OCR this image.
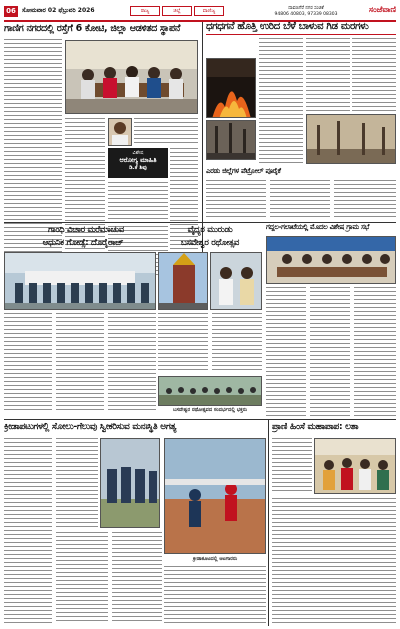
06	ಸೋಮವಾರ 02 ಫೆಬ್ರುವರಿ 2026	ರಾಜ್ಯ	ಜಿಲ್ಲೆ	ವಾಣಿಜ್ಯ	ದಾವಣಗೆರೆ ನಗರ ಸಂಚಿಕೆ
94806 40803, 97339 08303
ಸಂಜೆವಾಣಿ
ಗಾಣಿಗ ನಗರದಲ್ಲಿ ರಸ್ತೆಗೆ 6 ಕೋಟಿ, ಜಿಲ್ಲಾ ಆಡಳಿತದ ಸ್ಥಾಪನೆ
ವಿಶೇಷ
ಆರೋಗ್ಯ ಮಾಹಿತಿ
ಡಿ.ಕೆ ಶಿವು
ಧಗಧಗನೆ ಹೊತ್ತಿ ಉರಿದ ಬೆಳೆ ಬಾಳುವ ಗಿಡ ಮರಗಳು
ಎರಡು ಜಿಲ್ಲೆಗಳ ಪೆಟ್ರೋಲ್ ಪೂರೈಕೆ
ಗಾಂಧಿ ವಿಚಾರ ಮರೆಮಾಚುವ
ಆಧುನಿಕ ಗೋಡ್ಸೆ: ದೊರೈರಾಜ್
ವೈದ್ಯರ ಮುರುಡು
ಬಸವೇಶ್ವರ ರಥೋತ್ಸವ
ಬಸವೇಶ್ವರ ರಥೋತ್ಸವದ ಸಂದರ್ಭದಲ್ಲಿ ಭಕ್ತರು
ಗದ್ದಲ-ಗಲಾಟೆಯಲ್ಲಿ ಮೊದಲ ವಿಶೇಷ ಗ್ರಾಮ ಸಭೆ
ಕ್ರೀಡಾಪಟುಗಳಲ್ಲಿ ಸೋಲು-ಗೆಲುವು ಸ್ವೀಕರಿಸುವ ಮನಃಸ್ಥಿತಿ ಅಗತ್ಯ
ಕ್ರೀಡಾಕೂಟದಲ್ಲಿ ಆಟಗಾರರು
ಪ್ರಾಣಿ ಹಿಂಸೆ ಮಹಾಪಾಪ: ಲತಾ
